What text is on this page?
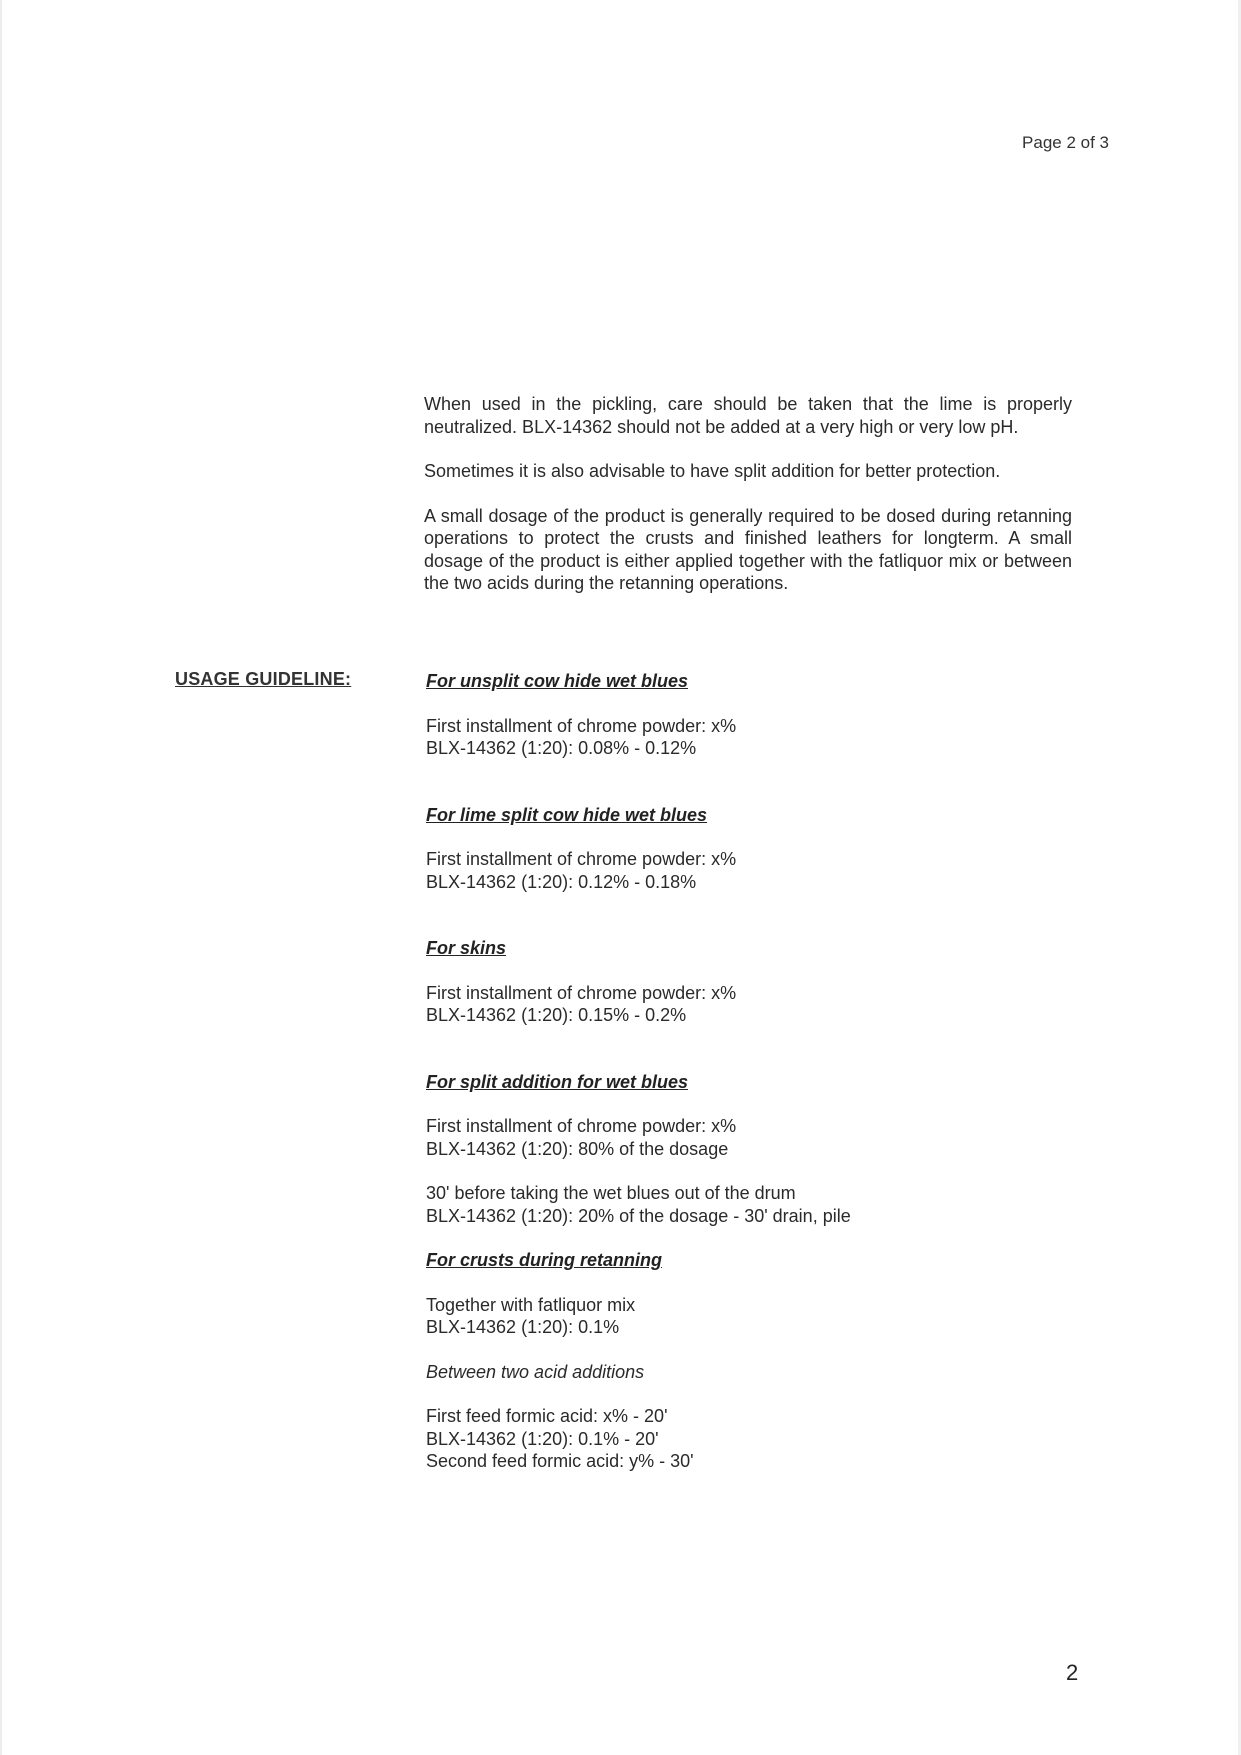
Page 2 of 3

When used in the pickling, care should be taken that the lime is properly neutralized. BLX-14362 should not be added at a very high or very low pH.

Sometimes it is also advisable to have split addition for better protection.

A small dosage of the product is generally required to be dosed during retanning operations to protect the crusts and finished leathers for longterm. A small dosage of the product is either applied together with the fatliquor mix or between the two acids during the retanning operations.

USAGE GUIDELINE:	For unsplit cow hide wet blues
First installment of chrome powder: x%
BLX-14362 (1:20): 0.08% - 0.12%
For lime split cow hide wet blues
First installment of chrome powder: x%
BLX-14362 (1:20): 0.12% - 0.18%
For skins
First installment of chrome powder: x%
BLX-14362 (1:20): 0.15% - 0.2%
For split addition for wet blues
First installment of chrome powder: x%
BLX-14362 (1:20): 80% of the dosage
30' before taking the wet blues out of the drum
BLX-14362 (1:20): 20% of the dosage - 30' drain, pile
For crusts during retanning
Together with fatliquor mix
BLX-14362 (1:20): 0.1%
Between two acid additions
First feed formic acid: x% - 20'
BLX-14362 (1:20): 0.1% - 20'
Second feed formic acid: y% - 30'
2
